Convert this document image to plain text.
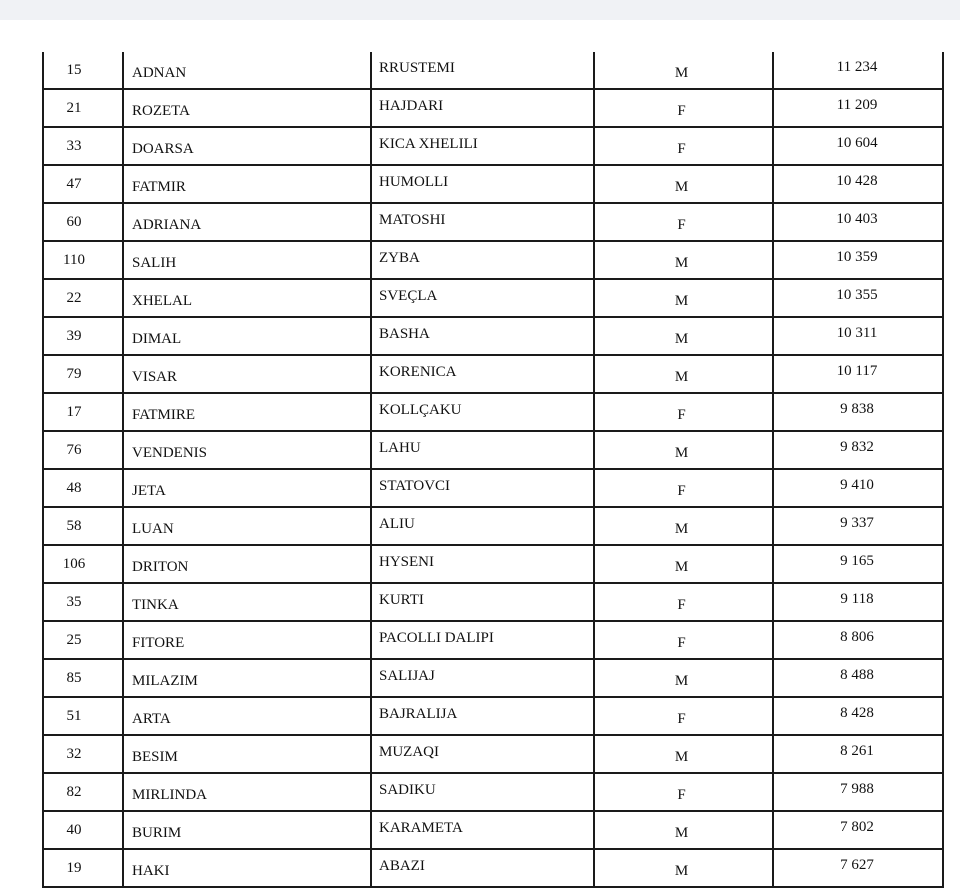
15	ADNAN	RRUSTEMI	M	11 234
21	ROZETA	HAJDARI	F	11 209
33	DOARSA	KICA XHELILI	F	10 604
47	FATMIR	HUMOLLI	M	10 428
60	ADRIANA	MATOSHI	F	10 403
110	SALIH	ZYBA	M	10 359
22	XHELAL	SVEÇLA	M	10 355
39	DIMAL	BASHA	M	10 311
79	VISAR	KORENICA	M	10 117
17	FATMIRE	KOLLÇAKU	F	9 838
76	VENDENIS	LAHU	M	9 832
48	JETA	STATOVCI	F	9 410
58	LUAN	ALIU	M	9 337
106	DRITON	HYSENI	M	9 165
35	TINKA	KURTI	F	9 118
25	FITORE	PACOLLI DALIPI	F	8 806
85	MILAZIM	SALIJAJ	M	8 488
51	ARTA	BAJRALIJA	F	8 428
32	BESIM	MUZAQI	M	8 261
82	MIRLINDA	SADIKU	F	7 988
40	BURIM	KARAMETA	M	7 802
19	HAKI	ABAZI	M	7 627
